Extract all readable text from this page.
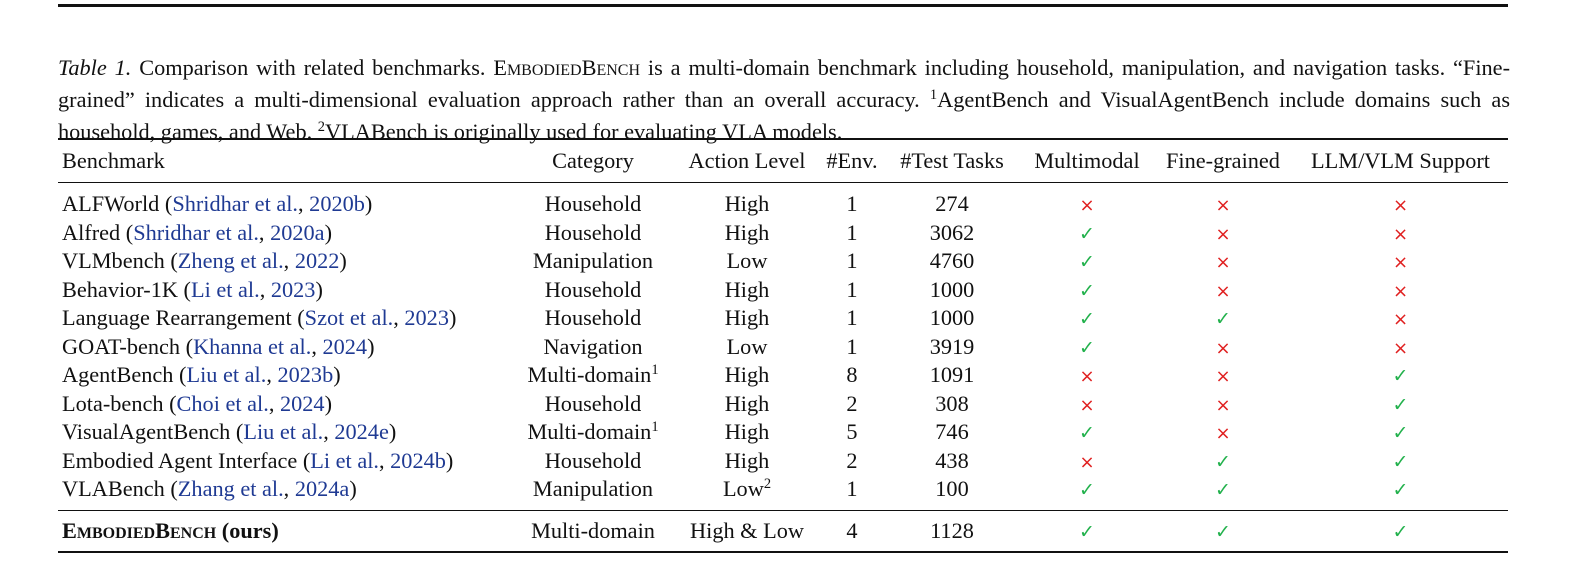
Table 1. Comparison with related benchmarks. EmbodiedBench is a multi-domain benchmark including household, manipulation, and navigation tasks. “Fine-grained” indicates a multi-dimensional evaluation approach rather than an overall accuracy. $^1$AgentBench and VisualAgentBench include domains such as household, games, and Web. $^2$VLABench is originally used for evaluating VLA models.

Benchmark	Category	Action Level	#Env.	#Test Tasks	Multimodal	Fine-grained	LLM/VLM Support
ALFWorld (Shridhar et al., 2020b)	Household	High	1	274	×	×	×
Alfred (Shridhar et al., 2020a)	Household	High	1	3062	✓	×	×
VLMbench (Zheng et al., 2022)	Manipulation	Low	1	4760	✓	×	×
Behavior-1K (Li et al., 2023)	Household	High	1	1000	✓	×	×
Language Rearrangement (Szot et al., 2023)	Household	High	1	1000	✓	✓	×
GOAT-bench (Khanna et al., 2024)	Navigation	Low	1	3919	✓	×	×
AgentBench (Liu et al., 2023b)	Multi-domain$^1$	High	8	1091	×	×	✓
Lota-bench (Choi et al., 2024)	Household	High	2	308	×	×	✓
VisualAgentBench (Liu et al., 2024e)	Multi-domain$^1$	High	5	746	✓	×	✓
Embodied Agent Interface (Li et al., 2024b)	Household	High	2	438	×	✓	✓
VLABench (Zhang et al., 2024a)	Manipulation	Low$^2$	1	100	✓	✓	✓
EmbodiedBench (ours)	Multi-domain	High & Low	4	1128	✓	✓	✓
